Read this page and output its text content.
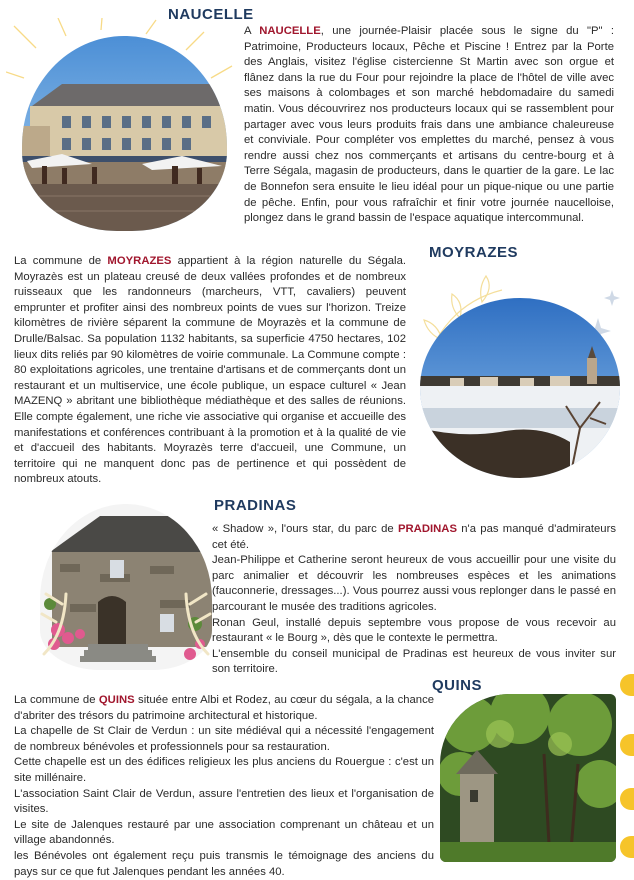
NAUCELLE

A NAUCELLE, une journée-Plaisir placée sous le signe du "P" : Patrimoine, Producteurs locaux, Pêche et Piscine ! Entrez par la Porte des Anglais, visitez l'église cistercienne St Martin avec son orgue et flânez dans la rue du Four pour rejoindre la place de l'hôtel de ville avec ses maisons à colombages et son marché hebdomadaire du samedi matin. Vous découvrirez nos producteurs locaux qui se rassemblent pour partager avec vous leurs produits frais dans une ambiance chaleureuse et conviviale. Pour compléter vos emplettes du marché, pensez à vous rendre aussi chez nos commerçants et artisans du centre-bourg et à Terre Ségala, magasin de producteurs, dans le quartier de la gare. Le lac de Bonnefon sera ensuite le lieu idéal pour un pique-nique ou une partie de pêche. Enfin, pour vous rafraîchir et finir votre journée naucelloise, plongez dans le grand bassin de l'espace aquatique intercommunal.

La commune de MOYRAZES appartient à la région naturelle du Ségala. Moyrazès est un plateau creusé de deux vallées profondes et de nombreux ruisseaux que les randonneurs (marcheurs, VTT, cavaliers) peuvent emprunter et profiter ainsi des nombreux points de vues sur l'horizon. Treize kilomètres de rivière séparent la commune de Moyrazès et la commune de Drulle/Balsac. Sa population 1132 habitants, sa superficie 4750 hectares, 102 lieux dits reliés par 90 kilomètres de voirie communale. La Commune compte : 80 exploitations agricoles, une trentaine d'artisans et de commerçants dont un restaurant et un multiservice, une école publique, un espace culturel « Jean MAZENQ » abritant une bibliothèque médiathèque et des salles de réunions. Elle compte également, une riche vie associative qui organise et accueille des manifestations et conférences contribuant à la promotion et à la qualité de vie et d'accueil des habitants. Moyrazès terre d'accueil, une Commune, un territoire qui ne manquent donc pas de pertinence et qui possèdent de nombreux atouts.

MOYRAZES
PRADINAS

« Shadow », l'ours star, du parc de PRADINAS n'a pas manqué d'admirateurs cet été.

Jean-Philippe et Catherine seront heureux de vous accueillir pour une visite du parc animalier et découvrir les nombreuses espèces et les animations (fauconnerie, dressages...). Vous pourrez aussi vous replonger dans le passé en parcourant le musée des traditions agricoles.

Ronan Geul, installé depuis septembre vous propose de vous recevoir au restaurant « le Bourg », dès que le contexte le permettra.

L'ensemble du conseil municipal de Pradinas est heureux de vous inviter sur son territoire.

QUINS

La commune de QUINS située entre Albi et Rodez, au cœur du ségala, a la chance d'abriter des trésors du patrimoine architectural et historique.

La chapelle de St Clair de Verdun : un site médiéval qui a nécessité l'engagement de nombreux bénévoles et professionnels pour sa restauration.

Cette chapelle est un des édifices religieux les plus anciens du Rouergue : c'est un site millénaire.

L'association Saint Clair de Verdun, assure l'entretien des lieux et l'organisation de visites.

Le site de Jalenques restauré par une association comprenant un château et un village abandonnés.

les Bénévoles ont également reçu puis transmis le témoignage des anciens du pays sur ce que fut Jalenques pendant les années 40.
